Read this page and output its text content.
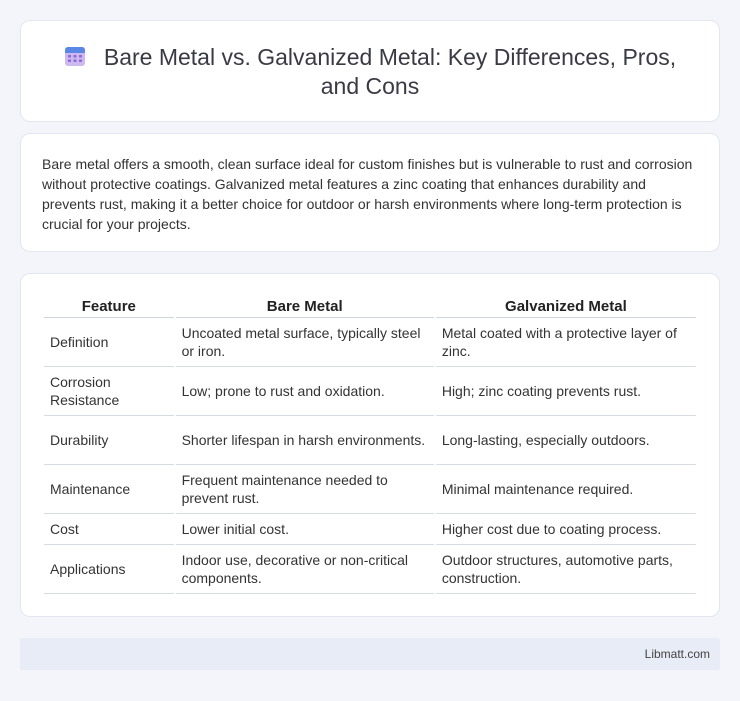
Bare Metal vs. Galvanized Metal: Key Differences, Pros, and Cons

Bare metal offers a smooth, clean surface ideal for custom finishes but is vulnerable to rust and corrosion without protective coatings. Galvanized metal features a zinc coating that enhances durability and prevents rust, making it a better choice for outdoor or harsh environments where long-term protection is crucial for your projects.

Feature	Bare Metal	Galvanized Metal
Definition	Uncoated metal surface, typically steel or iron.	Metal coated with a protective layer of zinc.
Corrosion Resistance	Low; prone to rust and oxidation.	High; zinc coating prevents rust.
Durability	Shorter lifespan in harsh environments.	Long-lasting, especially outdoors.
Maintenance	Frequent maintenance needed to prevent rust.	Minimal maintenance required.
Cost	Lower initial cost.	Higher cost due to coating process.
Applications	Indoor use, decorative or non-critical components.	Outdoor structures, automotive parts, construction.
Libmatt.com
